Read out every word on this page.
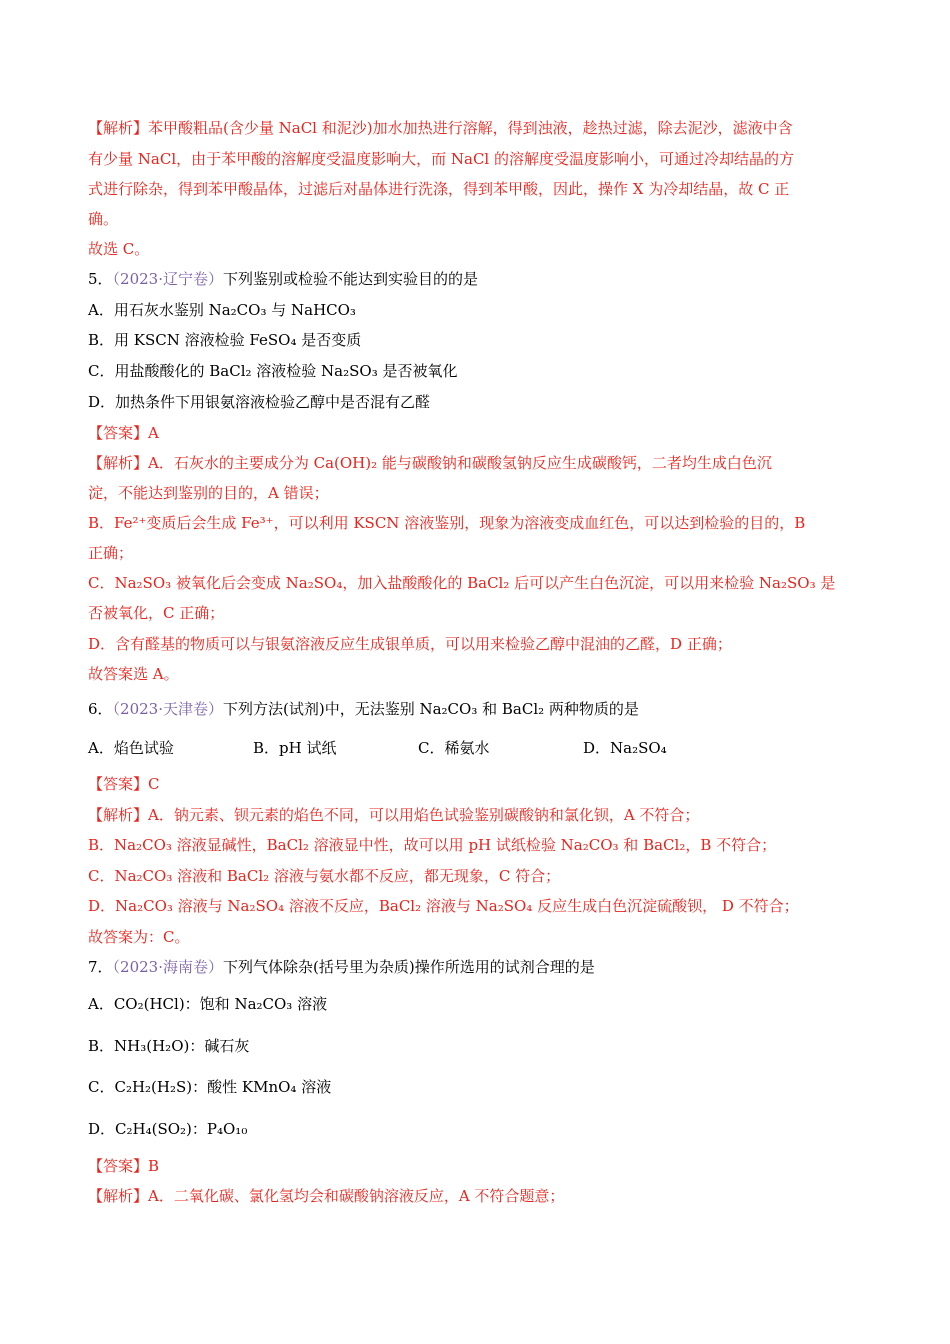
【解析】苯甲酸粗品(含少量 NaCl 和泥沙)加水加热进行溶解，得到浊液，趁热过滤，除去泥沙，滤液中含
有少量 NaCl，由于苯甲酸的溶解度受温度影响大，而 NaCl 的溶解度受温度影响小，可通过冷却结晶的方
式进行除杂，得到苯甲酸晶体，过滤后对晶体进行洗涤，得到苯甲酸，因此，操作 X 为冷却结晶，故 C 正
确。
故选 C。
5．（2023·辽宁卷）下列鉴别或检验不能达到实验目的的是
A．用石灰水鉴别 Na₂CO₃ 与 NaHCO₃
B．用 KSCN 溶液检验 FeSO₄ 是否变质
C．用盐酸酸化的 BaCl₂ 溶液检验 Na₂SO₃ 是否被氧化
D．加热条件下用银氨溶液检验乙醇中是否混有乙醛
【答案】A
【解析】A．石灰水的主要成分为 Ca(OH)₂ 能与碳酸钠和碳酸氢钠反应生成碳酸钙，二者均生成白色沉
淀，不能达到鉴别的目的，A 错误；
B．Fe²⁺变质后会生成 Fe³⁺，可以利用 KSCN 溶液鉴别，现象为溶液变成血红色，可以达到检验的目的，B
正确；
C．Na₂SO₃ 被氧化后会变成 Na₂SO₄，加入盐酸酸化的 BaCl₂ 后可以产生白色沉淀，可以用来检验 Na₂SO₃ 是
否被氧化，C 正确；
D．含有醛基的物质可以与银氨溶液反应生成银单质，可以用来检验乙醇中混油的乙醛，D 正确；
故答案选 A。
6．（2023·天津卷）下列方法(试剂)中，无法鉴别 Na₂CO₃ 和 BaCl₂ 两种物质的是
A．焰色试验	B．pH 试纸	C．稀氨水	D．Na₂SO₄
【答案】C
【解析】A．钠元素、钡元素的焰色不同，可以用焰色试验鉴别碳酸钠和氯化钡，A 不符合；
B．Na₂CO₃ 溶液显碱性，BaCl₂ 溶液显中性，故可以用 pH 试纸检验 Na₂CO₃ 和 BaCl₂，B 不符合；
C．Na₂CO₃ 溶液和 BaCl₂ 溶液与氨水都不反应，都无现象，C 符合；
D．Na₂CO₃ 溶液与 Na₂SO₄ 溶液不反应，BaCl₂ 溶液与 Na₂SO₄ 反应生成白色沉淀硫酸钡， D 不符合；
故答案为：C。
7．（2023·海南卷）下列气体除杂(括号里为杂质)操作所选用的试剂合理的是
A．CO₂(HCl)：饱和 Na₂CO₃ 溶液
B．NH₃(H₂O)：碱石灰
C．C₂H₂(H₂S)：酸性 KMnO₄ 溶液
D．C₂H₄(SO₂)：P₄O₁₀
【答案】B
【解析】A．二氧化碳、氯化氢均会和碳酸钠溶液反应，A 不符合题意；
